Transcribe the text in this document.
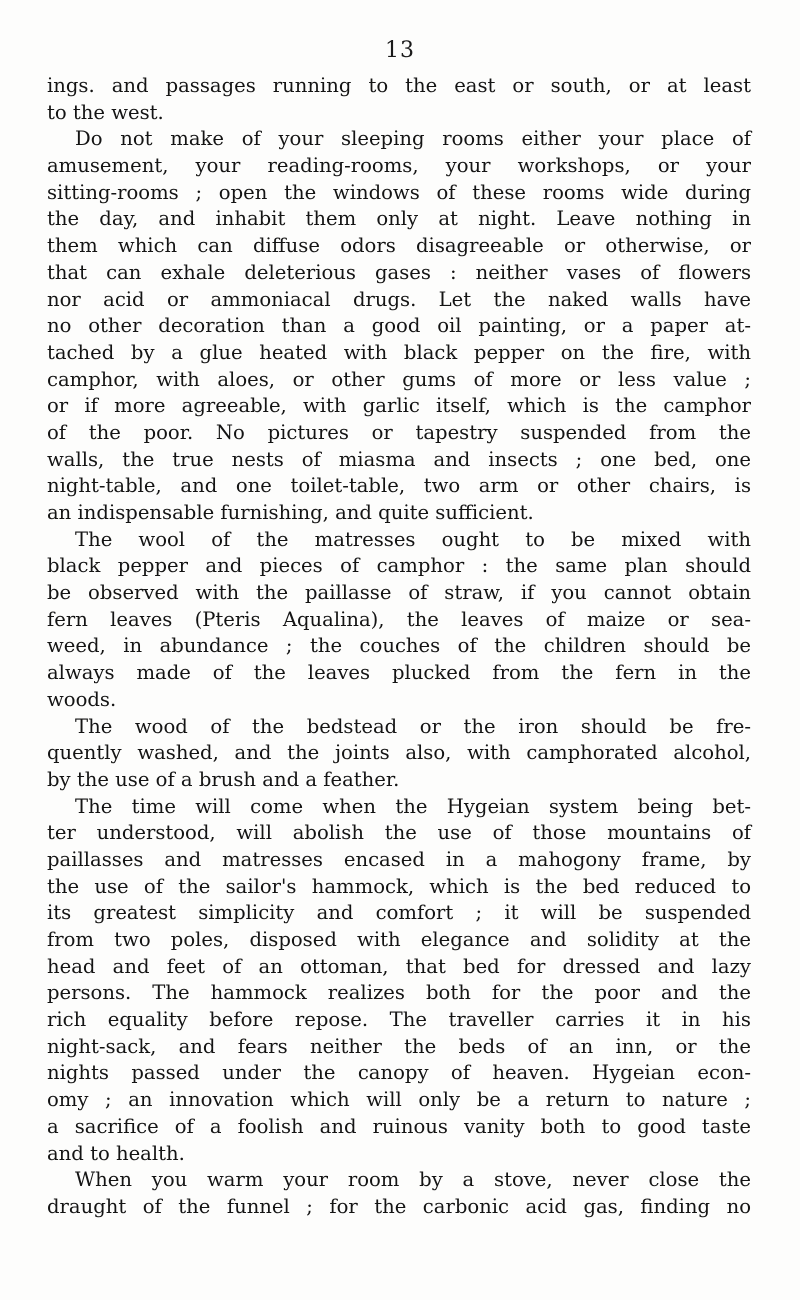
13
ings. and passages running to the east or south, or at least
to the west.
Do not make of your sleeping rooms either your place of
amusement, your reading-rooms, your workshops, or your
sitting-rooms ; open the windows of these rooms wide during
the day, and inhabit them only at night. Leave nothing in
them which can diffuse odors disagreeable or otherwise, or
that can exhale deleterious gases : neither vases of flowers
nor acid or ammoniacal drugs. Let the naked walls have
no other decoration than a good oil painting, or a paper at-
tached by a glue heated with black pepper on the fire, with
camphor, with aloes, or other gums of more or less value ;
or if more agreeable, with garlic itself, which is the camphor
of the poor. No pictures or tapestry suspended from the
walls, the true nests of miasma and insects ; one bed, one
night-table, and one toilet-table, two arm or other chairs, is
an indispensable furnishing, and quite sufficient.
The wool of the matresses ought to be mixed with
black pepper and pieces of camphor : the same plan should
be observed with the paillasse of straw, if you cannot obtain
fern leaves (Pteris Aqualina), the leaves of maize or sea-
weed, in abundance ; the couches of the children should be
always made of the leaves plucked from the fern in the
woods.
The wood of the bedstead or the iron should be fre-
quently washed, and the joints also, with camphorated alcohol,
by the use of a brush and a feather.
The time will come when the Hygeian system being bet-
ter understood, will abolish the use of those mountains of
paillasses and matresses encased in a mahogony frame, by
the use of the sailor's hammock, which is the bed reduced to
its greatest simplicity and comfort ; it will be suspended
from two poles, disposed with elegance and solidity at the
head and feet of an ottoman, that bed for dressed and lazy
persons. The hammock realizes both for the poor and the
rich equality before repose. The traveller carries it in his
night-sack, and fears neither the beds of an inn, or the
nights passed under the canopy of heaven. Hygeian econ-
omy ; an innovation which will only be a return to nature ;
a sacrifice of a foolish and ruinous vanity both to good taste
and to health.
When you warm your room by a stove, never close the
draught of the funnel ; for the carbonic acid gas, finding no
